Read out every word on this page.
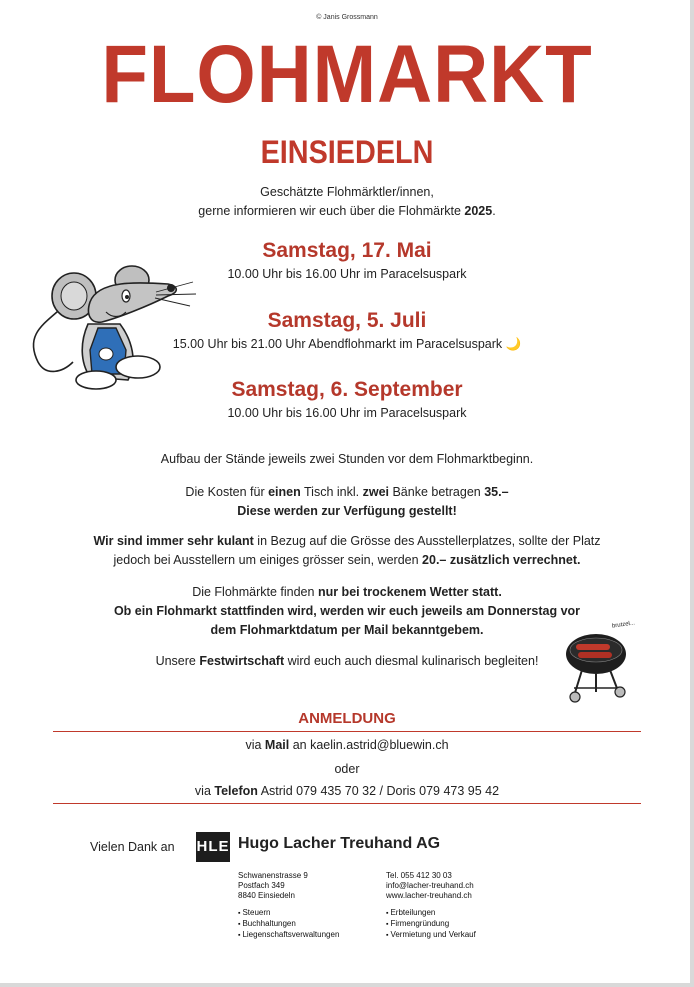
© Janis Grossmann
FLOHMARKT
EINSIEDELN
Geschätzte Flohmärktler/innen,
gerne informieren wir euch über die Flohmärkte 2025.
Samstag, 17. Mai
10.00 Uhr bis 16.00 Uhr im Paracelsuspark
Samstag, 5. Juli
15.00 Uhr bis 21.00 Uhr Abendflohmarkt im Paracelsuspark 🌙
Samstag, 6. September
10.00 Uhr bis 16.00 Uhr im Paracelsuspark
Aufbau der Stände jeweils zwei Stunden vor dem Flohmarktbeginn.
Die Kosten für einen Tisch inkl. zwei Bänke betragen 35.–
Diese werden zur Verfügung gestellt!
Wir sind immer sehr kulant in Bezug auf die Grösse des Ausstellerplatzes, sollte der Platz
jedoch bei Ausstellern um einiges grösser sein, werden 20.– zusätzlich verrechnet.
Die Flohmärkte finden nur bei trockenem Wetter statt.
Ob ein Flohmarkt stattfinden wird, werden wir euch jeweils am Donnerstag vor
dem Flohmarktdatum per Mail bekanntgebem.
Unsere Festwirtschaft wird euch auch diesmal kulinarisch begleiten!
brutzel...
ANMELDUNG
via Mail an kaelin.astrid@bluewin.ch
oder
via Telefon Astrid 079 435 70 32 / Doris 079 473 95 42
Vielen Dank an HLE Hugo Lacher Treuhand AG
Schwanenstrasse 9
Postfach 349
8840 Einsiedeln
Tel. 055 412 30 03
info@lacher-treuhand.ch
www.lacher-treuhand.ch
▪ Steuern
▪ Buchhaltungen
▪ Liegenschaftsverwaltungen
▪ Erbteilungen
▪ Firmengründung
▪ Vermietung und Verkauf
